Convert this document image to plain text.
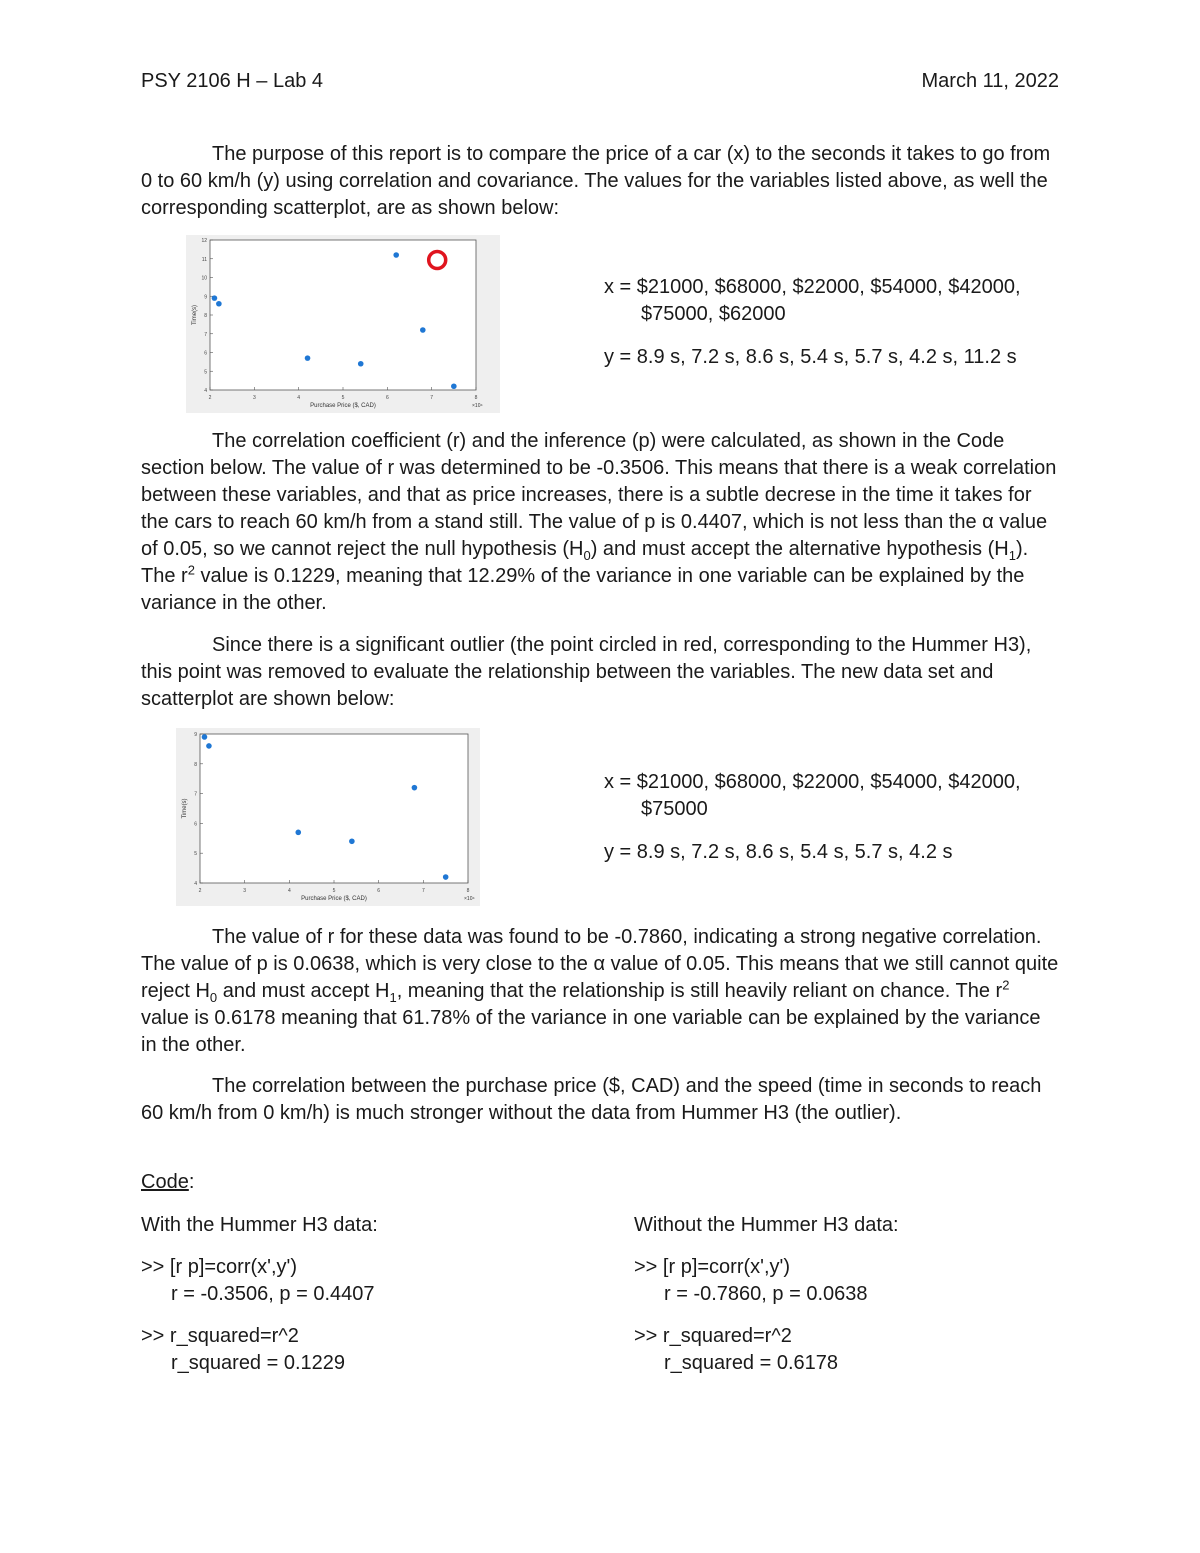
PSY 2106 H – Lab 4	March 11, 2022

The purpose of this report is to compare the price of a car (x) to the seconds it takes to go from 0 to 60 km/h (y) using correlation and covariance. The values for the variables listed above, as well the corresponding scatterplot, are as shown below:

2	3	4	5	6	7	8
4
5
6
7
8
9
10
11
12
Purchase Price ($, CAD)	×10⁴
Time(s)
x = $21000, $68000, $22000, $54000, $42000,
$75000, $62000
y = 8.9 s, 7.2 s, 8.6 s, 5.4 s, 5.7 s, 4.2 s, 11.2 s

The correlation coefficient (r) and the inference (p) were calculated, as shown in the Code section below. The value of r was determined to be -0.3506. This means that there is a weak correlation between these variables, and that as price increases, there is a subtle decrese in the time it takes for the cars to reach 60 km/h from a stand still. The value of p is 0.4407, which is not less than the α value of 0.05, so we cannot reject the null hypothesis $(H_0)$ and must accept the alternative hypothesis $(H_1)$. The $r^2$ value is 0.1229, meaning that 12.29% of the variance in one variable can be explained by the variance in the other.

Since there is a significant outlier (the point circled in red, corresponding to the Hummer H3), this point was removed to evaluate the relationship between the variables. The new data set and scatterplot are shown below:

2	3	4	5	6	7	8
4
5
6
7
8
9
Purchase Price ($, CAD)	×10⁴
Time(s)
x = $21000, $68000, $22000, $54000, $42000,
$75000
y = 8.9 s, 7.2 s, 8.6 s, 5.4 s, 5.7 s, 4.2 s

The value of r for these data was found to be -0.7860, indicating a strong negative correlation. The value of p is 0.0638, which is very close to the α value of 0.05. This means that we still cannot quite reject $H_0$ and must accept $H_1$, meaning that the relationship is still heavily reliant on chance. The $r^2$ value is 0.6178 meaning that 61.78% of the variance in one variable can be explained by the variance in the other.

The correlation between the purchase price ($, CAD) and the speed (time in seconds to reach 60 km/h from 0 km/h) is much stronger without the data from Hummer H3 (the outlier).

Code:

With the Hummer H3 data:

>> [r p]=corr(x',y')

r = -0.3506, p = 0.4407

>> r_squared=r^2

r_squared = 0.1229

Without the Hummer H3 data:

>> [r p]=corr(x',y')

r = -0.7860, p = 0.0638

>> r_squared=r^2

r_squared = 0.6178
